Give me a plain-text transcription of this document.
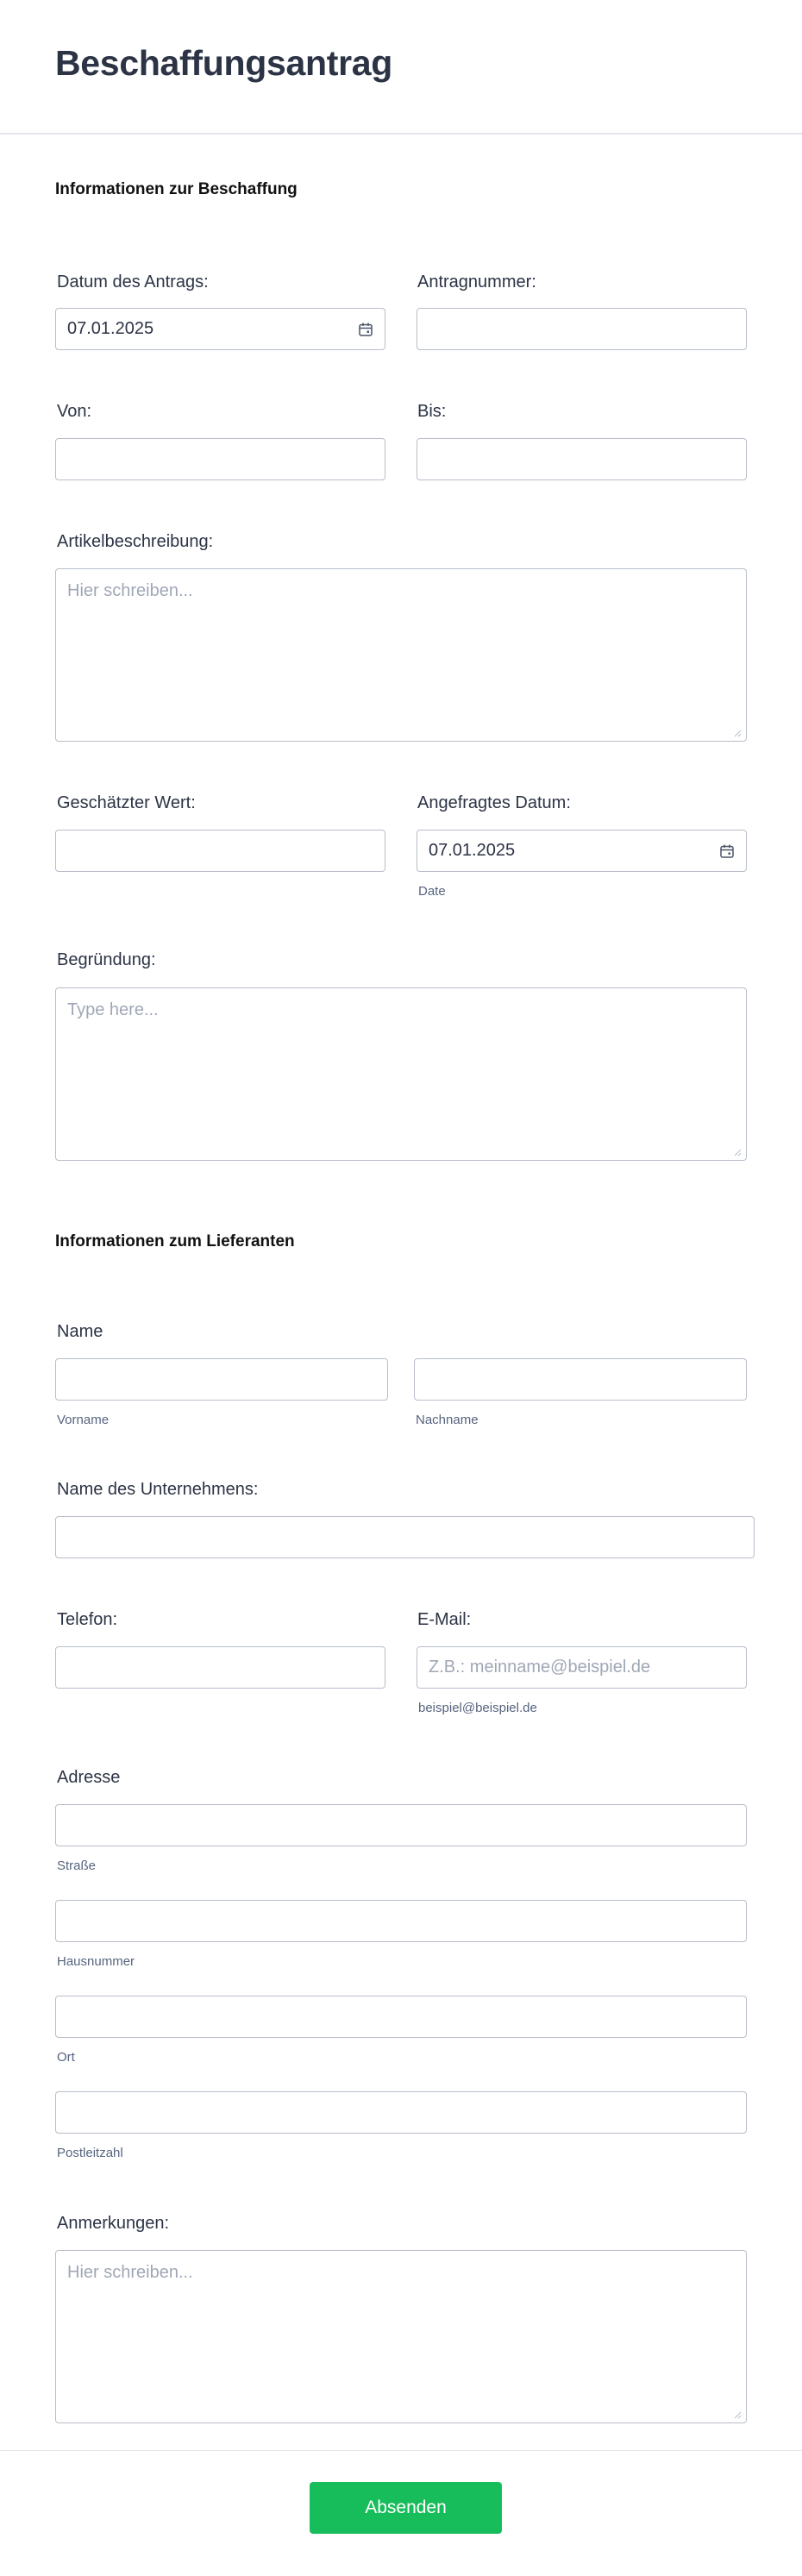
Beschaffungsantrag
Informationen zur Beschaffung
Datum des Antrags:
07.01.2025
Antragnummer:
Von:	Bis:
Artikelbeschreibung:
Hier schreiben...
Geschätzter Wert:	Angefragtes Datum:
07.01.2025
Date
Begründung:
Type here...
Informationen zum Lieferanten
Name
Vorname	Nachname
Name des Unternehmens:
Telefon:	E-Mail:
Z.B.: meinname@beispiel.de
beispiel@beispiel.de
Adresse
Straße
Hausnummer
Ort
Postleitzahl
Anmerkungen:
Hier schreiben...
Absenden
